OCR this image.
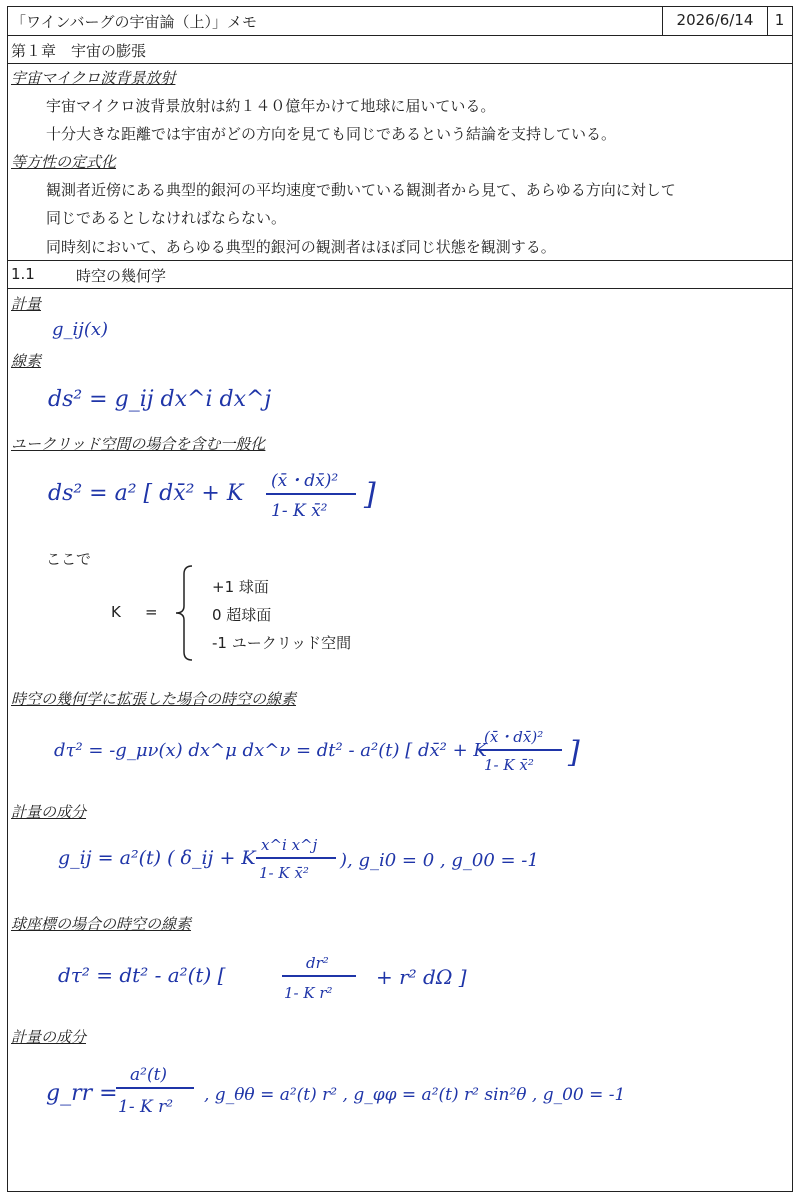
「ワインバーグの宇宙論（上）」メモ	2026/6/14	1
第１章　宇宙の膨張
宇宙マイクロ波背景放射
宇宙マイクロ波背景放射は約１４０億年かけて地球に届いている。
十分大きな距離では宇宙がどの方向を見ても同じであるという結論を支持している。
等方性の定式化
観測者近傍にある典型的銀河の平均速度で動いている観測者から見て、あらゆる方向に対して
同じであるとしなければならない。
同時刻において、あらゆる典型的銀河の観測者はほぼ同じ状態を観測する。
1.1	時空の幾何学
計量
g_ij(x)
線素
ds² = g_ij dx^i dx^j
ユークリッド空間の場合を含む一般化
ds² = a² [ dx̄² + K (x̄・dx̄)²
1- K x̄² ]
ここで
K =
+1 球面
0 超球面
-1 ユークリッド空間
時空の幾何学に拡張した場合の時空の線素
dτ² = -g_μν(x) dx^μ dx^ν = dt² - a²(t) [ dx̄² + K
(x̄・dx̄)²
1- K x̄² ]
計量の成分
g_ij = a²(t) ( δ_ij + K
x^i x^j
1- K x̄²
), g_i0 = 0 , g_00 = -1
球座標の場合の時空の線素
dτ² = dt² - a²(t) [	dr²
1- K r²
+ r² dΩ ]
計量の成分
g_rr =
a²(t)
1- K r²
, g_θθ = a²(t) r² , g_φφ = a²(t) r² sin²θ , g_00 = -1
